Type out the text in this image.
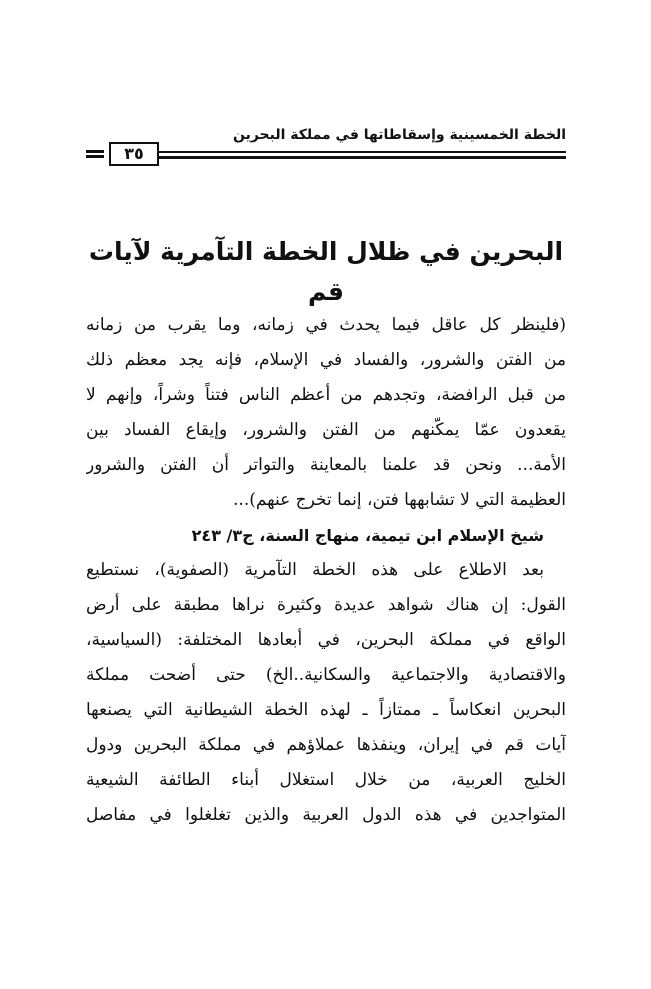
الخطة الخمسينية وإسقاطاتها في مملكة البحرين
٣٥
البحرين في ظلال الخطة التآمرية لآيات قم
(فلينظر كل عاقل فيما يحدث في زمانه، وما يقرب من زمانه
من الفتن والشرور، والفساد في الإسلام، فإنه يجد معظم ذلك
من قبل الرافضة، وتجدهم من أعظم الناس فتناً وشراً، وإنهم لا
يقعدون عمّا يمكّنهم من الفتن والشرور، وإيقاع الفساد بين
الأمة... ونحن قد علمنا بالمعاينة والتواتر أن الفتن والشرور
العظيمة التي لا تشابهها فتن، إنما تخرج عنهم)...
شيخ الإسلام ابن تيمية، منهاج السنة، ج٣/ ٢٤٣
بعد الاطلاع على هذه الخطة التآمرية (الصفوية)، نستطيع
القول: إن هناك شواهد عديدة وكثيرة نراها مطبقة على أرض
الواقع في مملكة البحرين، في أبعادها المختلفة: (السياسية،
والاقتصادية والاجتماعية والسكانية..الخ) حتى أضحت مملكة
البحرين انعكاساً ـ ممتازاً ـ لهذه الخطة الشيطانية التي يصنعها
آيات قم في إيران، وينفذها عملاؤهم في مملكة البحرين ودول
الخليج العربية، من خلال استغلال أبناء الطائفة الشيعية
المتواجدين في هذه الدول العربية والذين تغلغلوا في مفاصل
